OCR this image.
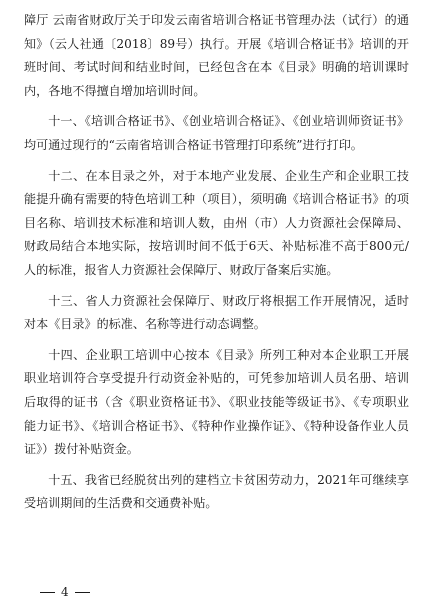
障厅 云南省财政厅关于印发云南省培训合格证书管理办法（试行）的通知》（云人社通〔2018〕89号）执行。开展《培训合格证书》培训的开班时间、考试时间和结业时间，已经包含在本《目录》明确的培训课时内，各地不得擅自增加培训时间。

十一、《培训合格证书》、《创业培训合格证》、《创业培训师资证书》均可通过现行的“云南省培训合格证书管理打印系统”进行打印。

十二、在本目录之外，对于本地产业发展、企业生产和企业职工技能提升确有需要的特色培训工种（项目），须明确《培训合格证书》的项目名称、培训技术标准和培训人数，由州（市）人力资源社会保障局、财政局结合本地实际，按培训时间不低于6天、补贴标准不高于800元/人的标准，报省人力资源社会保障厅、财政厅备案后实施。

十三、省人力资源社会保障厅、财政厅将根据工作开展情况，适时对本《目录》的标准、名称等进行动态调整。

十四、企业职工培训中心按本《目录》所列工种对本企业职工开展职业培训符合享受提升行动资金补贴的，可凭参加培训人员名册、培训后取得的证书（含《职业资格证书》、《职业技能等级证书》、《专项职业能力证书》、《培训合格证书》、《特种作业操作证》、《特种设备作业人员证》）拨付补贴资金。

十五、我省已经脱贫出列的建档立卡贫困劳动力，2021年可继续享受培训期间的生活费和交通费补贴。

4
